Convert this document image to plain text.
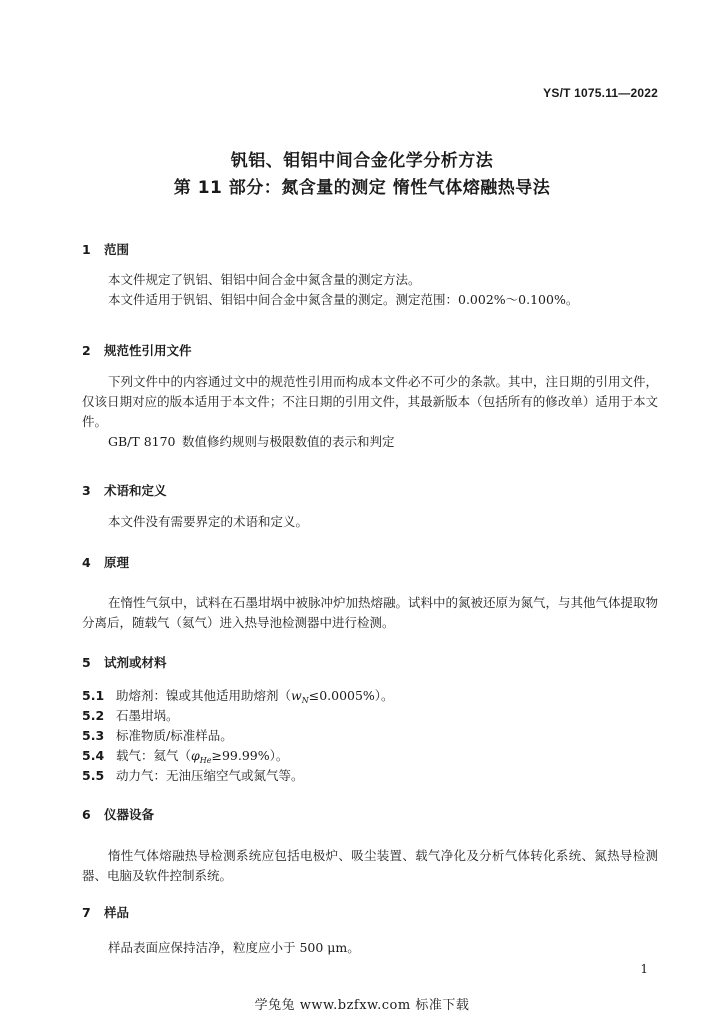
YS/T 1075.11—2022
钒铝、钼铝中间合金化学分析方法
第 11 部分：氮含量的测定 惰性气体熔融热导法
1 范围
本文件规定了钒铝、钼铝中间合金中氮含量的测定方法。
本文件适用于钒铝、钼铝中间合金中氮含量的测定。测定范围：0.002%～0.100%。
2 规范性引用文件
下列文件中的内容通过文中的规范性引用而构成本文件必不可少的条款。其中，注日期的引用文件，仅该日期对应的版本适用于本文件；不注日期的引用文件，其最新版本（包括所有的修改单）适用于本文件。
GB/T 8170 数值修约规则与极限数值的表示和判定
3 术语和定义
本文件没有需要界定的术语和定义。
4 原理
在惰性气氛中，试料在石墨坩埚中被脉冲炉加热熔融。试料中的氮被还原为氮气，与其他气体提取物分离后，随载气（氦气）进入热导池检测器中进行检测。
5 试剂或材料
5.1 助熔剂：镍或其他适用助熔剂$(w_N\le 0.0005\%)$。
5.2 石墨坩埚。
5.3 标准物质/标准样品。
5.4 载气：氦气$(\varphi_{He}\ge 99.99\%)$。
5.5 动力气：无油压缩空气或氮气等。
6 仪器设备
惰性气体熔融热导检测系统应包括电极炉、吸尘装置、载气净化及分析气体转化系统、氮热导检测器、电脑及软件控制系统。
7 样品
样品表面应保持洁净，粒度应小于 500 μm。
1
学兔兔 www.bzfxw.com 标准下载
